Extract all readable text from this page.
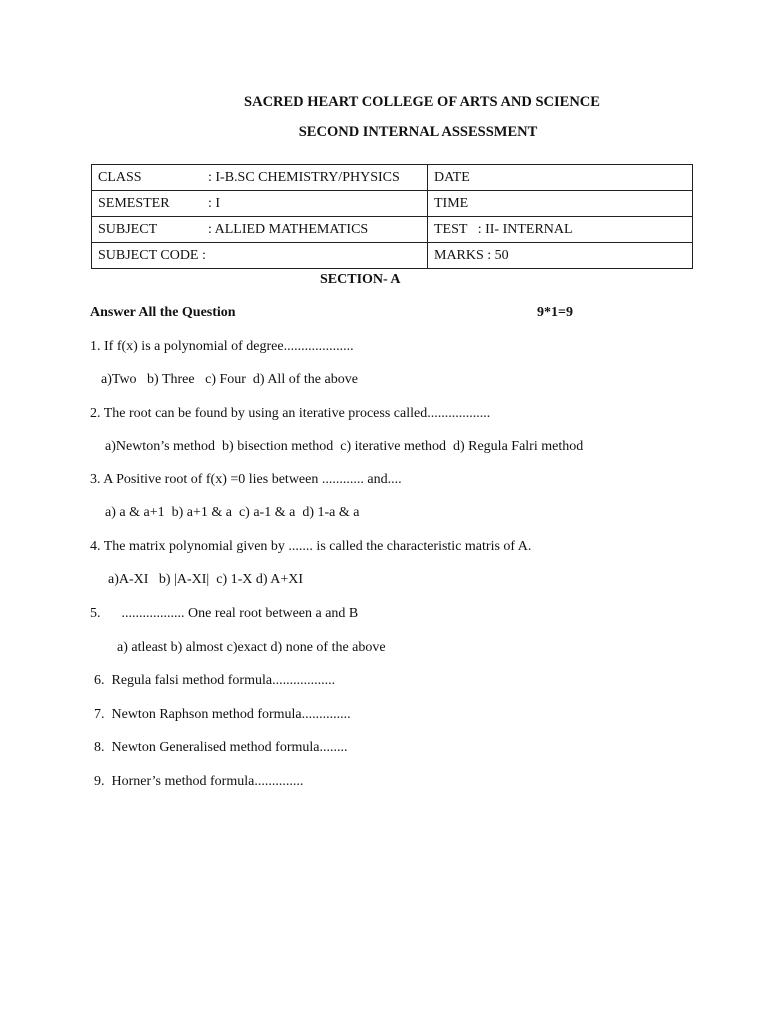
SACRED HEART COLLEGE OF ARTS AND SCIENCE
SECOND INTERNAL ASSESSMENT
CLASS : I-B.SC CHEMISTRY/PHYSICS	DATE
SEMESTER : I	TIME
SUBJECT : ALLIED MATHEMATICS	TEST   : II- INTERNAL
SUBJECT CODE :	MARKS : 50
SECTION- A
Answer All the Question	9*1=9
1. If f(x) is a polynomial of degree....................
a)Two   b) Three   c) Four  d) All of the above
2. The root can be found by using an iterative process called..................
a)Newton’s method  b) bisection method  c) iterative method  d) Regula Falri method
3. A Positive root of f(x) =0 lies between ............ and....
a) a & a+1  b) a+1 & a  c) a-1 & a  d) 1-a & a
4. The matrix polynomial given by ....... is called the characteristic matris of A.
a)A-XI   b) |A-XI|  c) 1-X d) A+XI
5.      .................. One real root between a and B
a) atleast b) almost c)exact d) none of the above
6.  Regula falsi method formula..................
7.  Newton Raphson method formula..............
8.  Newton Generalised method formula........
9.  Horner’s method formula..............
